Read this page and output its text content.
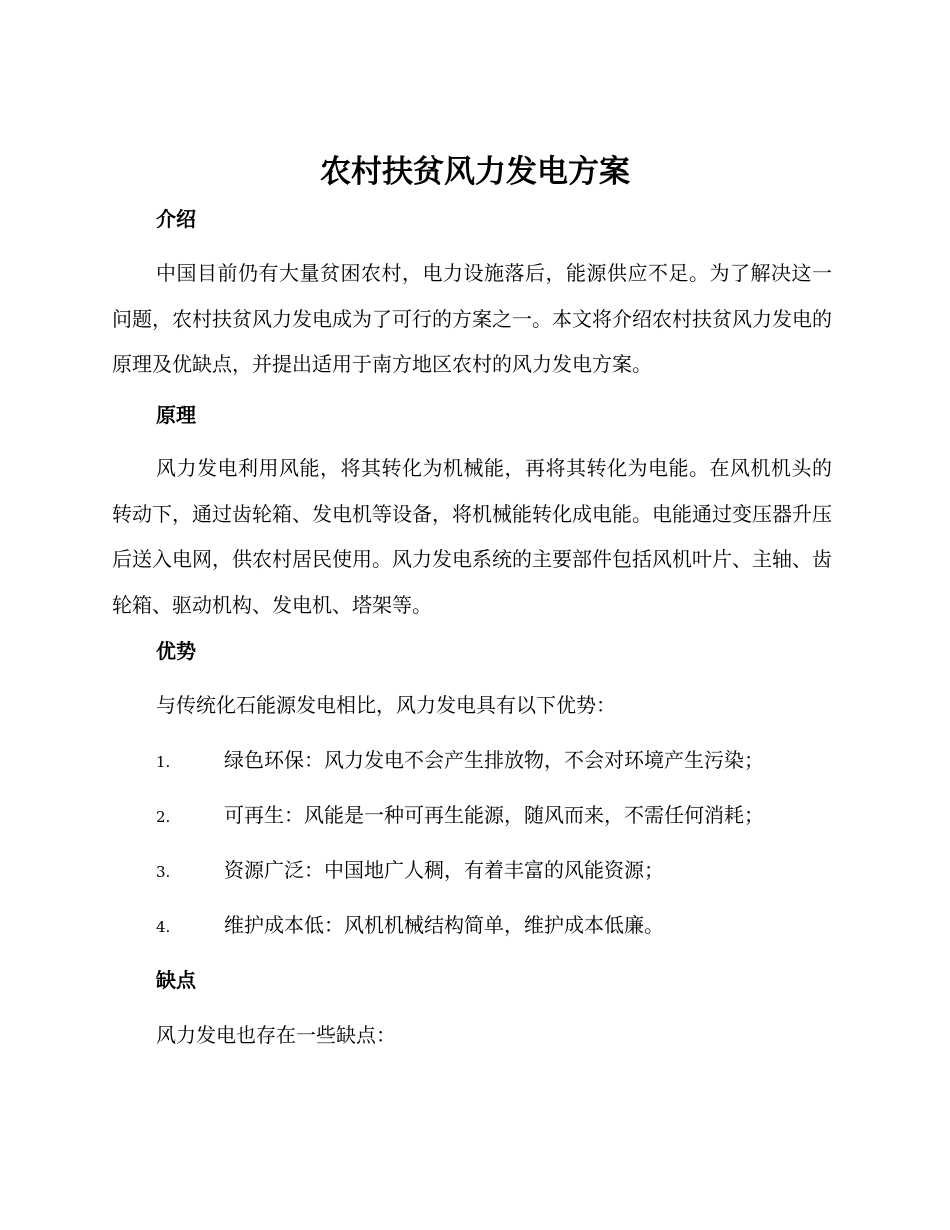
农村扶贫风力发电方案
介绍

中国目前仍有大量贫困农村，电力设施落后，能源供应不足。为了解决这一问题，农村扶贫风力发电成为了可行的方案之一。本文将介绍农村扶贫风力发电的原理及优缺点，并提出适用于南方地区农村的风力发电方案。

原理

风力发电利用风能，将其转化为机械能，再将其转化为电能。在风机机头的转动下，通过齿轮箱、发电机等设备，将机械能转化成电能。电能通过变压器升压后送入电网，供农村居民使用。风力发电系统的主要部件包括风机叶片、主轴、齿轮箱、驱动机构、发电机、塔架等。

优势

与传统化石能源发电相比，风力发电具有以下优势：

1.	绿色环保：风力发电不会产生排放物，不会对环境产生污染；
2.	可再生：风能是一种可再生能源，随风而来，不需任何消耗；
3.	资源广泛：中国地广人稠，有着丰富的风能资源；
4.	维护成本低：风机机械结构简单，维护成本低廉。
缺点

风力发电也存在一些缺点：
